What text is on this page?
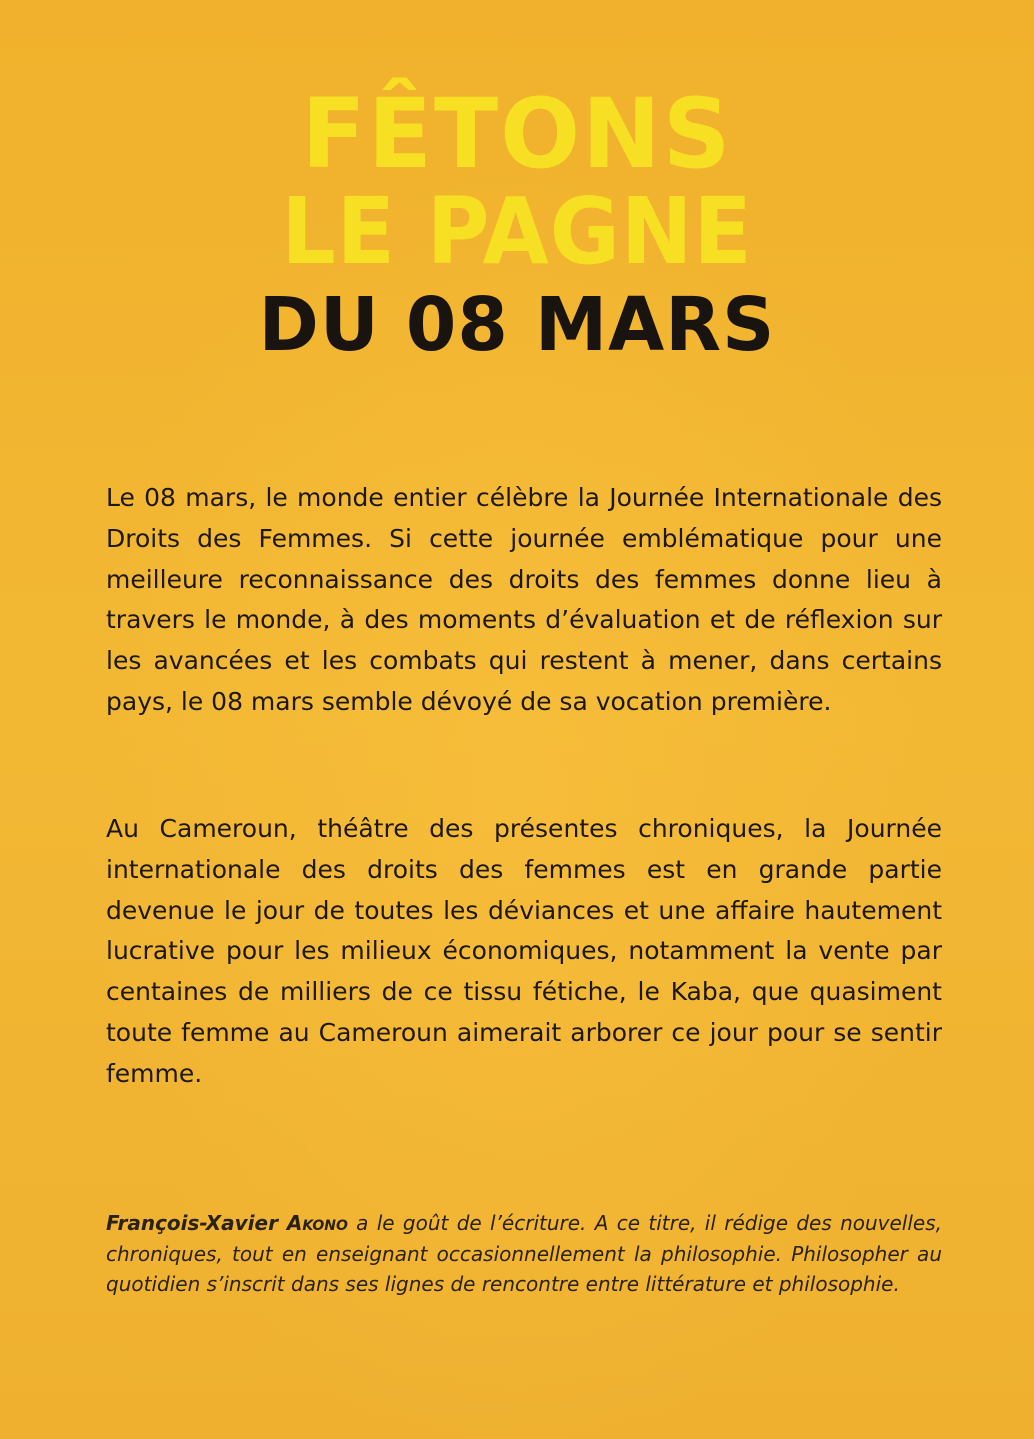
FÊTONS
LE PAGNE
DU 08 MARS

Le 08 mars, le monde entier célèbre la Journée Internationale des Droits des Femmes. Si cette journée emblématique pour une meilleure reconnaissance des droits des femmes donne lieu à travers le monde, à des moments d’évaluation et de réflexion sur les avancées et les combats qui restent à mener, dans certains pays, le 08 mars semble dévoyé de sa vocation première.

Au Cameroun, théâtre des présentes chroniques, la Journée internationale des droits des femmes est en grande partie devenue le jour de toutes les déviances et une affaire hautement lucrative pour les milieux économiques, notamment la vente par centaines de milliers de ce tissu fétiche, le Kaba, que quasiment toute femme au Cameroun aimerait arborer ce jour pour se sentir femme.

François-Xavier Akono a le goût de l’écriture. A ce titre, il rédige des nouvelles, chroniques, tout en enseignant occasionnellement la philosophie. Philosopher au quotidien s’inscrit dans ses lignes de rencontre entre littérature et philosophie.
